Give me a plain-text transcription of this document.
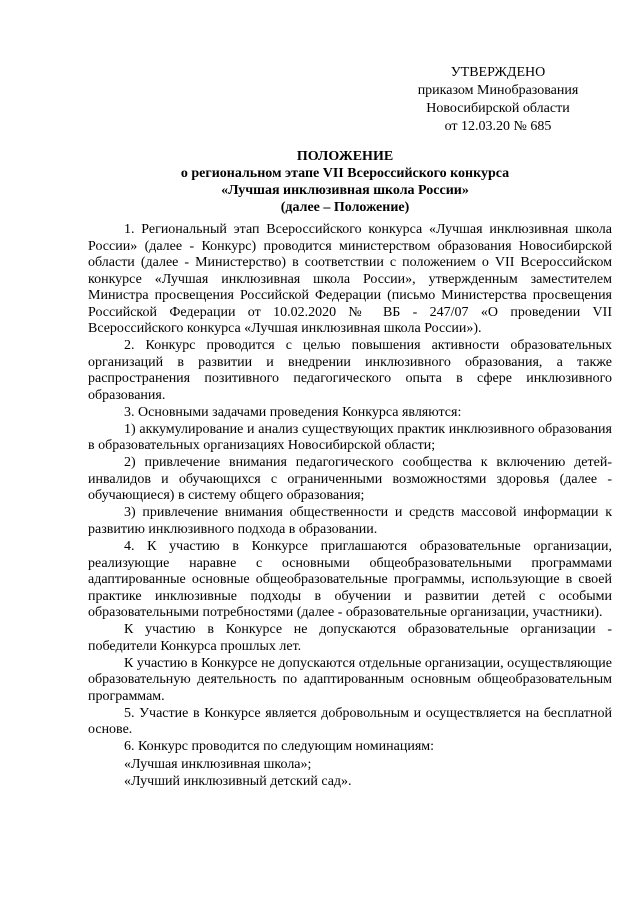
УТВЕРЖДЕНО
приказом Минобразования
Новосибирской области
от 12.03.20 № 685
ПОЛОЖЕНИЕ
о региональном этапе VII Всероссийского конкурса
«Лучшая инклюзивная школа России»
(далее – Положение)

1. Региональный этап Всероссийского конкурса «Лучшая инклюзивная школа России» (далее - Конкурс) проводится министерством образования Новосибирской области (далее - Министерство) в соответствии с положением о VII Всероссийском конкурсе «Лучшая инклюзивная школа России», утвержденным заместителем Министра просвещения Российской Федерации (письмо Министерства просвещения Российской Федерации от 10.02.2020 № ВБ - 247/07 «О проведении VII Всероссийского конкурса «Лучшая инклюзивная школа России»).

2. Конкурс проводится с целью повышения активности образовательных организаций в развитии и внедрении инклюзивного образования, а также распространения позитивного педагогического опыта в сфере инклюзивного образования.

3. Основными задачами проведения Конкурса являются:

1) аккумулирование и анализ существующих практик инклюзивного образования в образовательных организациях Новосибирской области;

2) привлечение внимания педагогического сообщества к включению детей-инвалидов и обучающихся с ограниченными возможностями здоровья (далее - обучающиеся) в систему общего образования;

3) привлечение внимания общественности и средств массовой информации к развитию инклюзивного подхода в образовании.

4. К участию в Конкурсе приглашаются образовательные организации, реализующие наравне с основными общеобразовательными программами адаптированные основные общеобразовательные программы, использующие в своей практике инклюзивные подходы в обучении и развитии детей с особыми образовательными потребностями (далее - образовательные организации, участники).

К участию в Конкурсе не допускаются образовательные организации - победители Конкурса прошлых лет.

К участию в Конкурсе не допускаются отдельные организации, осуществляющие образовательную деятельность по адаптированным основным общеобразовательным программам.

5. Участие в Конкурсе является добровольным и осуществляется на бесплатной основе.

6. Конкурс проводится по следующим номинациям:

«Лучшая инклюзивная школа»;

«Лучший инклюзивный детский сад».
